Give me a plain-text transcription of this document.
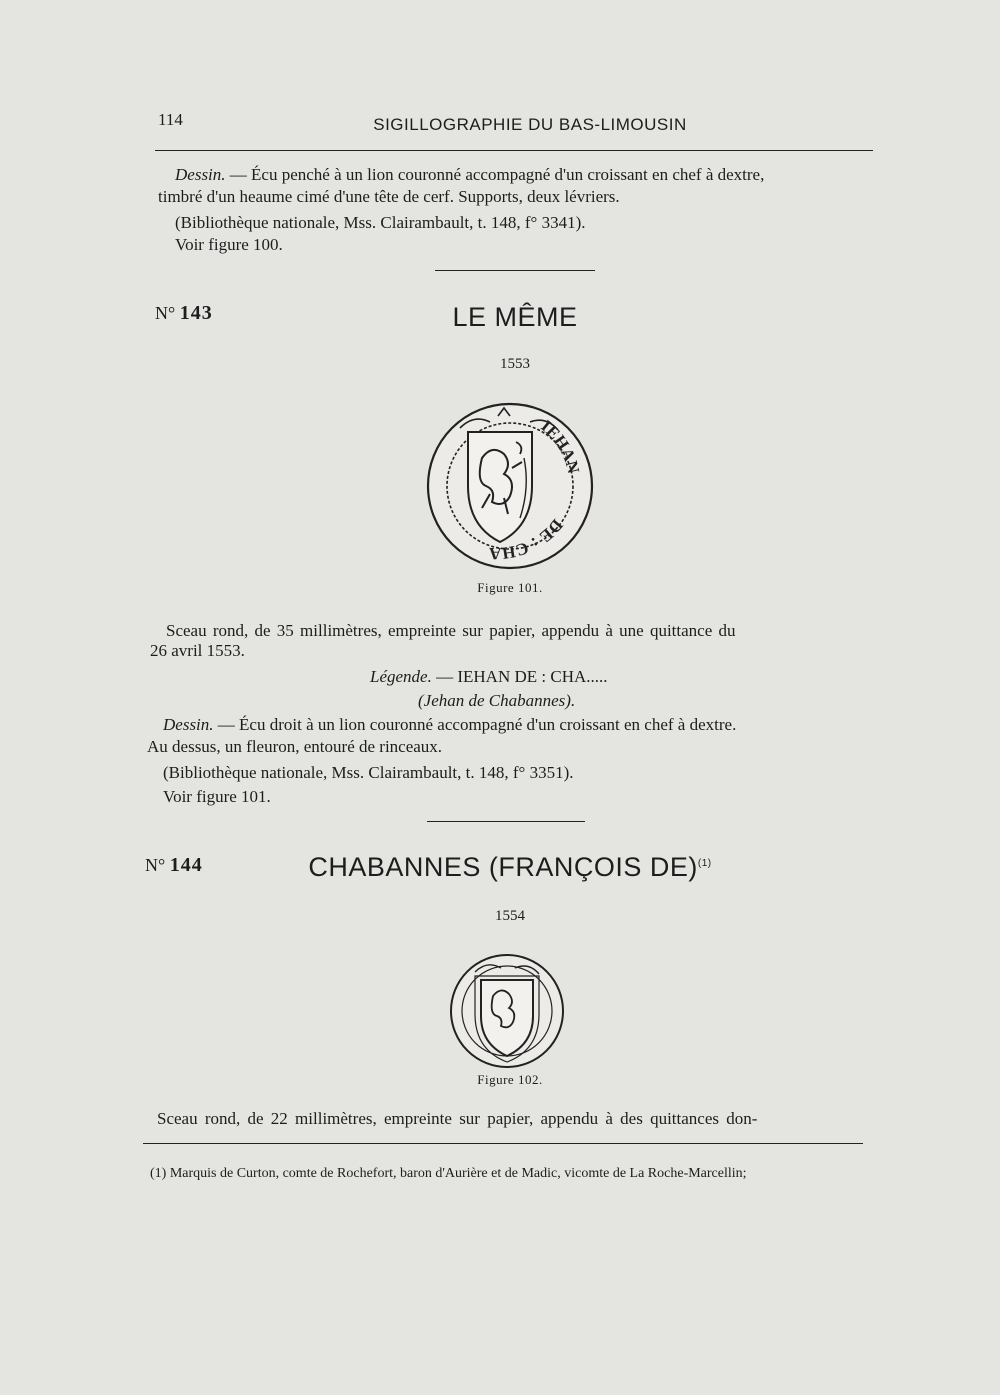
114	SIGILLOGRAPHIE DU BAS-LIMOUSIN
Dessin. — Écu penché à un lion couronné accompagné d'un croissant en chef à dextre,
timbré d'un heaume cimé d'une tête de cerf. Supports, deux lévriers.
(Bibliothèque nationale, Mss. Clairambault, t. 148, f° 3341).
Voir figure 100.
N° 143	LE MÊME
1553
IEHAN
DE : CHA
Figure 101.
Sceau rond, de 35 millimètres, empreinte sur papier, appendu à une quittance du
26 avril 1553.
Légende. — IEHAN DE : CHA.....
(Jehan de Chabannes).
Dessin. — Écu droit à un lion couronné accompagné d'un croissant en chef à dextre.
Au dessus, un fleuron, entouré de rinceaux.
(Bibliothèque nationale, Mss. Clairambault, t. 148, f° 3351).
Voir figure 101.
N° 144	CHABANNES (FRANÇOIS DE)$^{(1)}$
1554
Figure 102.
Sceau rond, de 22 millimètres, empreinte sur papier, appendu à des quittances don-
(1) Marquis de Curton, comte de Rochefort, baron d'Aurière et de Madic, vicomte de La Roche-Marcellin;
